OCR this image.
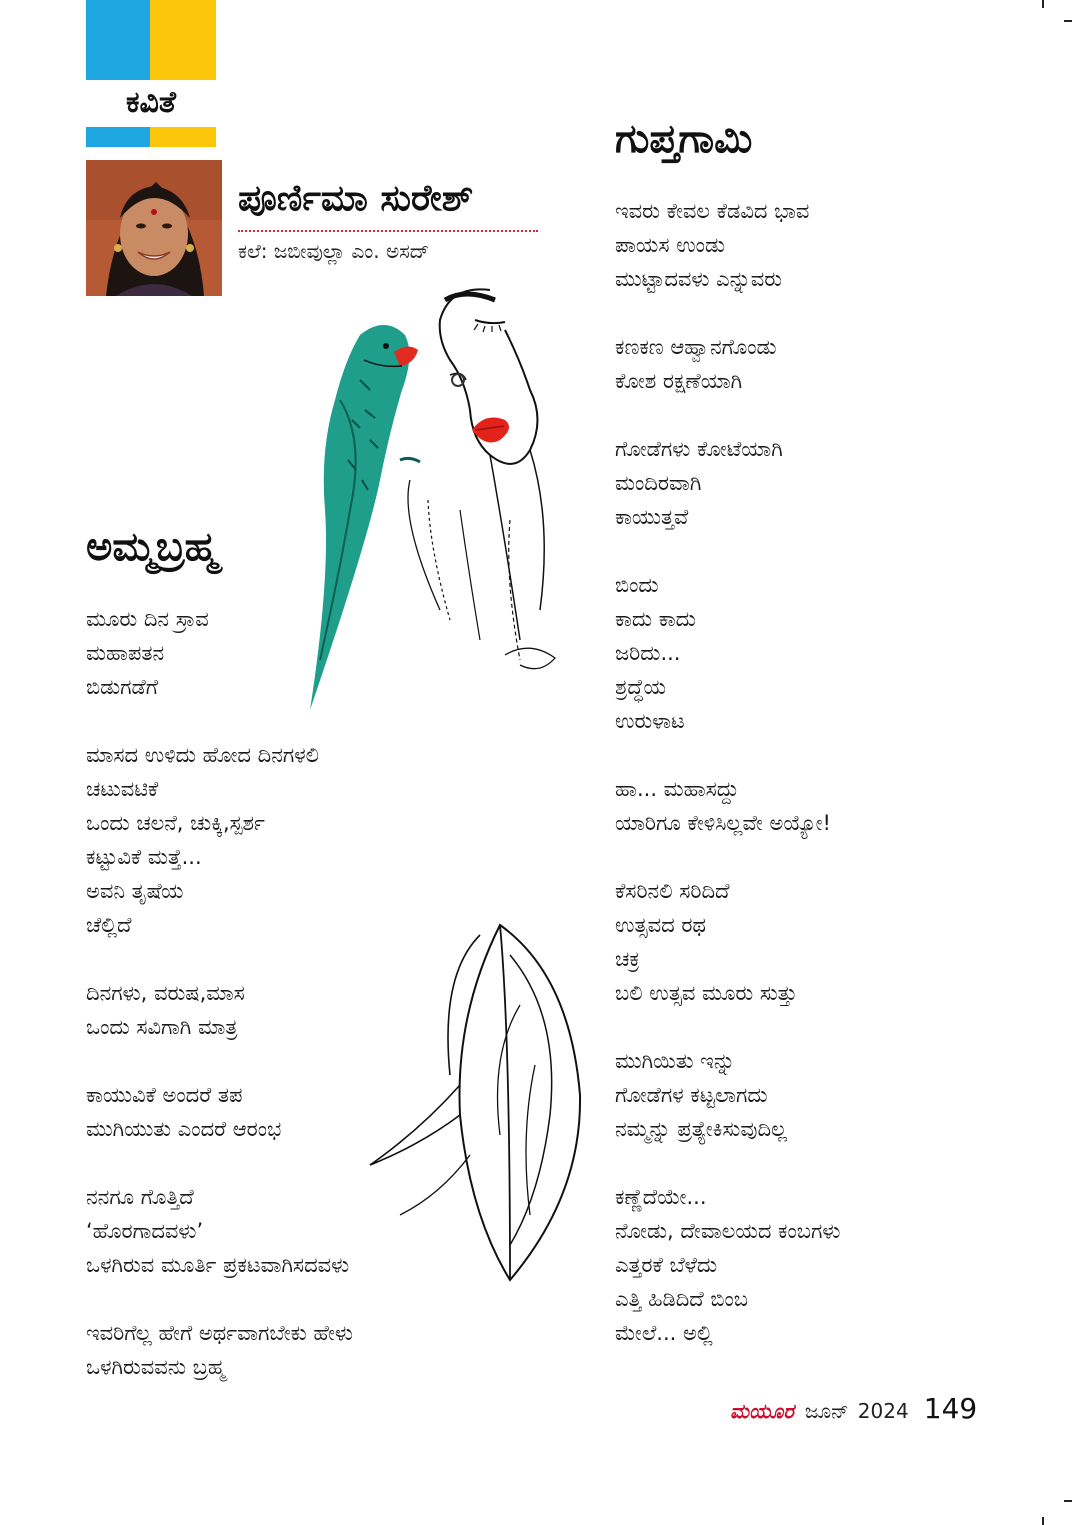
ಕವಿತೆ
ಪೂರ್ಣಿಮಾ ಸುರೇಶ್
ಕಲೆ: ಜಬೀವುಲ್ಲಾ ಎಂ. ಅಸದ್
ಅಮ್ಮಬ್ರಹ್ಮ
ಮೂರು ದಿನ ಸ್ರಾವ
ಮಹಾಪತನ
ಬಿಡುಗಡೆಗೆ
ಮಾಸದ ಉಳಿದು ಹೋದ ದಿನಗಳಲಿ
ಚಟುವಟಿಕೆ
ಒಂದು ಚಲನೆ, ಚುಕ್ಕಿ,ಸ್ಪರ್ಶ
ಕಟ್ಟುವಿಕೆ ಮತ್ತೆ...
ಅವನಿ ತೃಷೆಯ
ಚೆಲ್ಲಿದೆ
ದಿನಗಳು, ವರುಷ,ಮಾಸ
ಒಂದು ಸವಿಗಾಗಿ ಮಾತ್ರ
ಕಾಯುವಿಕೆ ಅಂದರೆ ತಪ
ಮುಗಿಯುತು ಎಂದರೆ ಆರಂಭ
ನನಗೂ ಗೊತ್ತಿದೆ
‘ಹೊರಗಾದವಳು’
ಒಳಗಿರುವ ಮೂರ್ತಿ ಪ್ರಕಟವಾಗಿಸದವಳು
ಇವರಿಗೆಲ್ಲ ಹೇಗೆ ಅರ್ಥವಾಗಬೇಕು ಹೇಳು
ಒಳಗಿರುವವನು ಬ್ರಹ್ಮ
ಗುಪ್ತಗಾಮಿ
ಇವರು ಕೇವಲ ಕೆಡವಿದ ಭಾವ
ಪಾಯಸ ಉಂಡು
ಮುಟ್ಟಾದವಳು ಎನ್ನುವರು
ಕಣಕಣ ಆಹ್ವಾನಗೊಂಡು
ಕೋಶ ರಕ್ಷಣೆಯಾಗಿ
ಗೋಡೆಗಳು ಕೋಟೆಯಾಗಿ
ಮಂದಿರವಾಗಿ
ಕಾಯುತ್ತವೆ
ಬಿಂದು
ಕಾದು ಕಾದು
ಜರಿದು...
ಶ್ರದ್ಧೆಯ
ಉರುಳಾಟ
ಹಾ... ಮಹಾಸದ್ದು
ಯಾರಿಗೂ ಕೇಳಿಸಿಲ್ಲವೇ ಅಯ್ಯೋ!
ಕೆಸರಿನಲಿ ಸರಿದಿದೆ
ಉತ್ಸವದ ರಥ
ಚಕ್ರ
ಬಲಿ ಉತ್ಸವ ಮೂರು ಸುತ್ತು
ಮುಗಿಯಿತು ಇನ್ನು
ಗೋಡೆಗಳ ಕಟ್ಟಲಾಗದು
ನಮ್ಮನ್ನು ಪ್ರತ್ಯೇಕಿಸುವುದಿಲ್ಲ
ಕಣ್ಣೆದೆಯೇ...
ನೋಡು, ದೇವಾಲಯದ ಕಂಬಗಳು
ಎತ್ತರಕೆ ಬೆಳೆದು
ಎತ್ತಿ ಹಿಡಿದಿದೆ ಬಿಂಬ
ಮೇಲೆ... ಅಲ್ಲಿ
ಮಯೂರ ಜೂನ್ 2024 149
